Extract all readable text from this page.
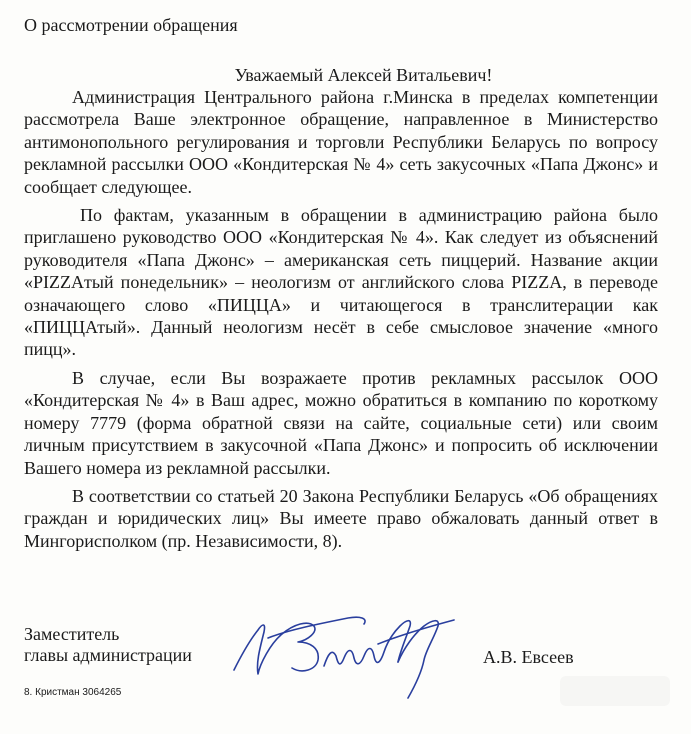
О рассмотрении обращения
Уважаемый Алексей Витальевич!

Администрация Центрального района г.Минска в пределах компетенции рассмотрела Ваше электронное обращение, направленное в Министерство антимонопольного регулирования и торговли Республики Беларусь по вопросу рекламной рассылки ООО «Кондитерская № 4» сеть закусочных «Папа Джонс» и сообщает следующее.

По фактам, указанным в обращении в администрацию района было приглашено руководство ООО «Кондитерская № 4». Как следует из объяснений руководителя «Папа Джонс» – американская сеть пиццерий. Название акции «PIZZAтый понедельник» – неологизм от английского слова PIZZA, в переводе означающего слово «ПИЦЦА» и читающегося в транслитерации как «ПИЦЦАтый». Данный неологизм несёт в себе смысловое значение «много пицц».

В случае, если Вы возражаете против рекламных рассылок ООО «Кондитерская № 4» в Ваш адрес, можно обратиться в компанию по короткому номеру 7779 (форма обратной связи на сайте, социальные сети) или своим личным присутствием в закусочной «Папа Джонс» и попросить об исключении Вашего номера из рекламной рассылки.

В соответствии со статьей 20 Закона Республики Беларусь «Об обращениях граждан и юридических лиц» Вы имеете право обжаловать данный ответ в Мингорисполком (пр. Независимости, 8).

Заместитель
главы администрации	А.В. Евсеев
8. Кристман 3064265
